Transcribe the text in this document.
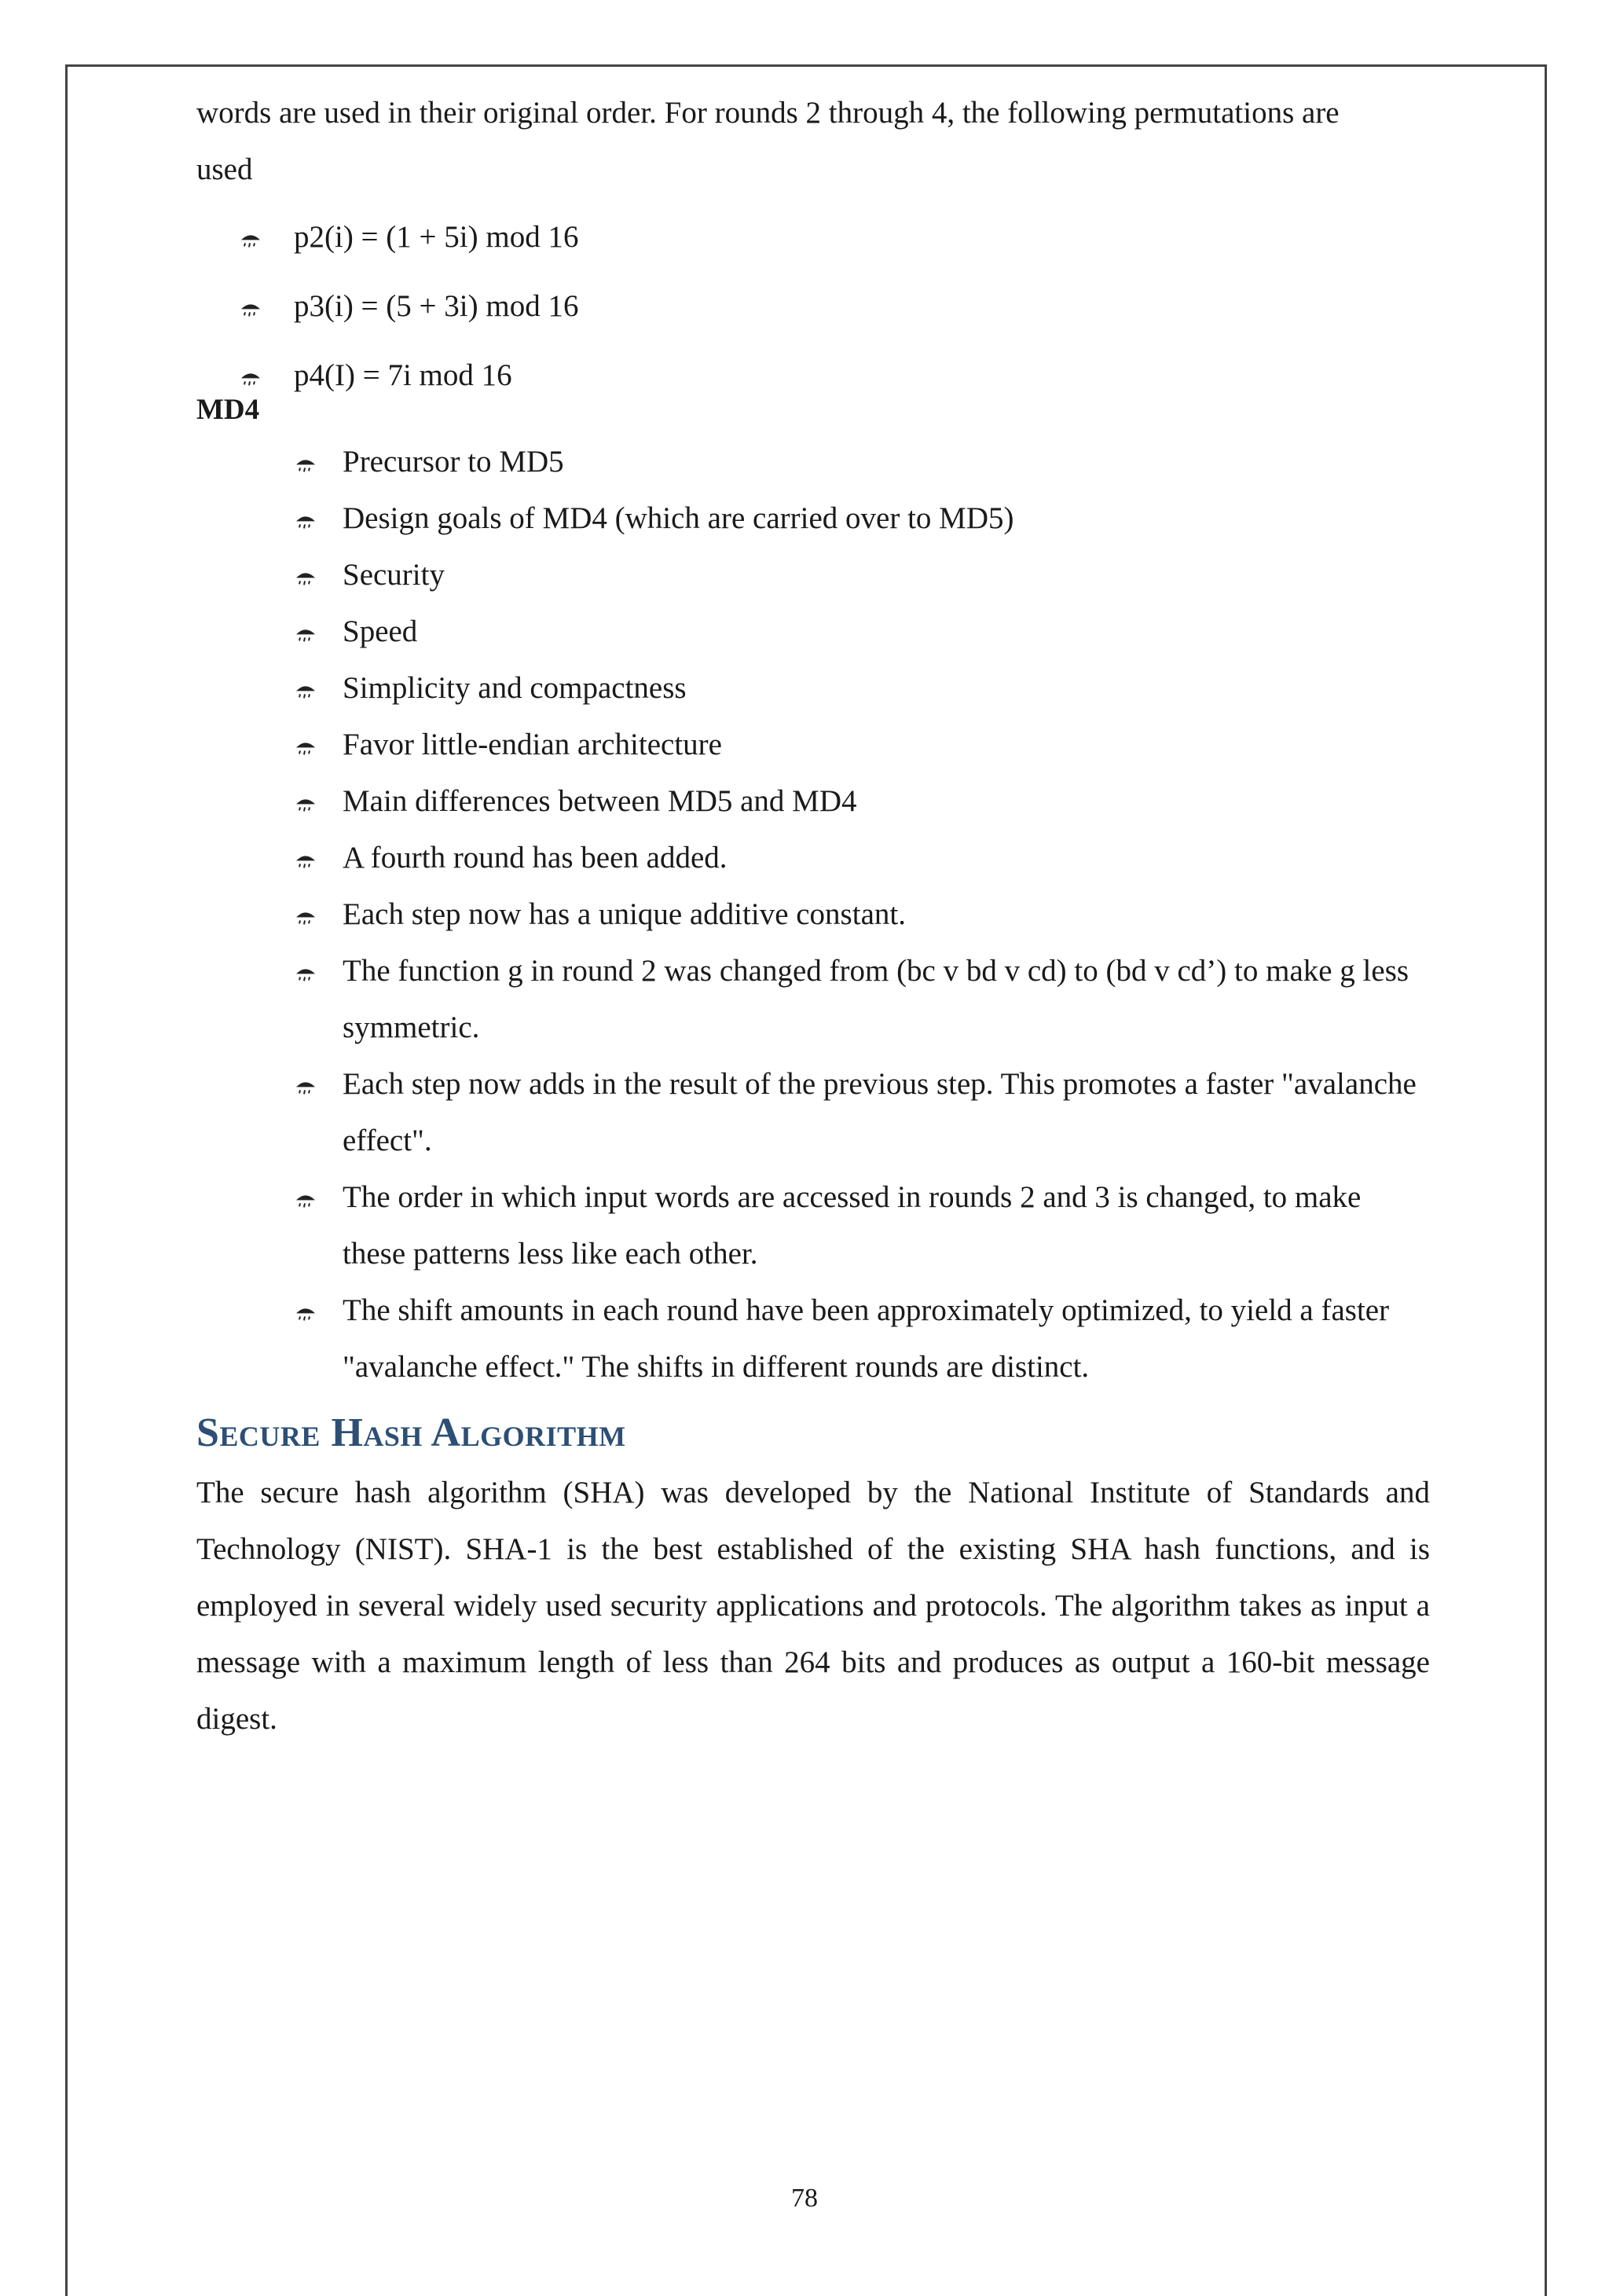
words are used in their original order. For rounds 2 through 4, the following permutations are

used

p2(i) = (1 + 5i) mod 16
p3(i) = (5 + 3i) mod 16
p4(I) = 7i mod 16
MD4
Precursor to MD5
Design goals of MD4 (which are carried over to MD5)
Security
Speed
Simplicity and compactness
Favor little-endian architecture
Main differences between MD5 and MD4
A fourth round has been added.
Each step now has a unique additive constant.
The function g in round 2 was changed from (bc v bd v cd) to (bd v cd’) to make g less symmetric.
Each step now adds in the result of the previous step. This promotes a faster "avalanche effect".
The order in which input words are accessed in rounds 2 and 3 is changed, to make these patterns less like each other.
The shift amounts in each round have been approximately optimized, to yield a faster "avalanche effect." The shifts in different rounds are distinct.
Secure Hash Algorithm

The secure hash algorithm (SHA) was developed by the National Institute of Standards and Technology (NIST). SHA-1 is the best established of the existing SHA hash functions, and is employed in several widely used security applications and protocols. The algorithm takes as input a message with a maximum length of less than 264 bits and produces as output a 160-bit message digest.

78
